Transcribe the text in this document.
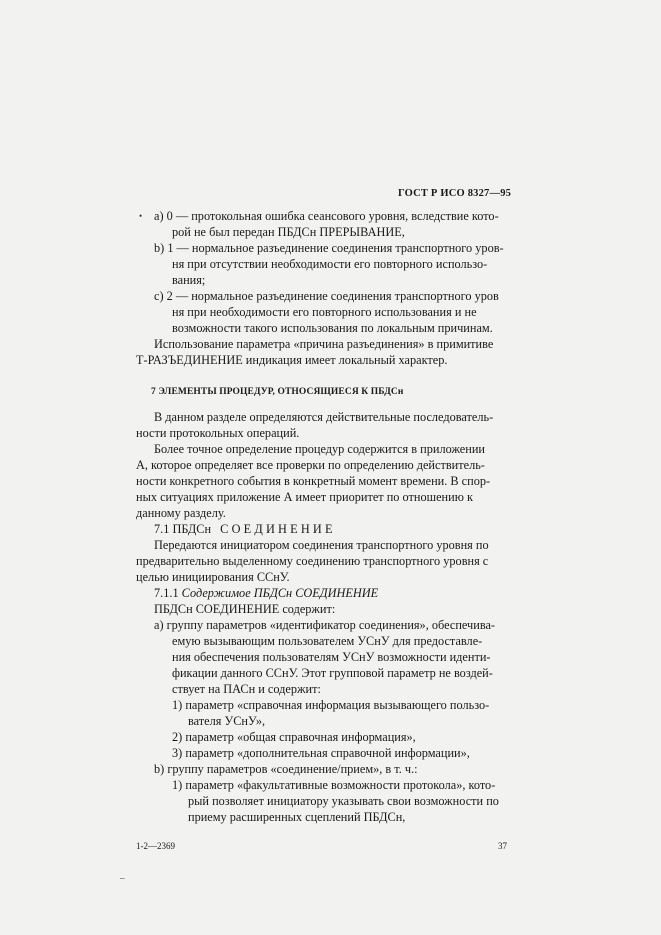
ГОСТ Р ИСО 8327—95
• а) 0 — протокольная ошибка сеансового уровня, вследствие кото-
рой не был передан ПБДСн ПРЕРЫВАНИЕ,
b) 1 — нормальное разъединение соединения транспортного уров-
ня при отсутствии необходимости его повторного использо-
вания;
с) 2 — нормальное разъединение соединения транспортного уров
ня при необходимости его повторного использования и не
возможности такого использования по локальным причинам.
Использование параметра «причина разъединения» в примитиве
Т-РАЗЪЕДИНЕНИЕ индикация имеет локальный характер.
7 ЭЛЕМЕНТЫ ПРОЦЕДУР, ОТНОСЯЩИЕСЯ К ПБДСн
В данном разделе определяются действительные последователь-
ности протокольных операций.
Более точное определение процедур содержится в приложении
А, которое определяет все проверки по определению действитель-
ности конкретного события в конкретный момент времени. В спор-
ных ситуациях приложение А имеет приоритет по отношению к
данному разделу.
7.1 ПБДСн СОЕДИНЕНИЕ
Передаются инициатором соединения транспортного уровня по
предварительно выделенному соединению транспортного уровня с
целью инициирования ССнУ.
7.1.1 Содержимое ПБДСн СОЕДИНЕНИЕ
ПБДСн СОЕДИНЕНИЕ содержит:
а) группу параметров «идентификатор соединения», обеспечива-
емую вызывающим пользователем УСнУ для предоставле-
ния обеспечения пользователям УСнУ возможности иденти-
фикации данного ССнУ. Этот групповой параметр не воздей-
ствует на ПАСн и содержит:
1) параметр «справочная информация вызывающего пользо-
вателя УСнУ»,
2) параметр «общая справочная информация»,
3) параметр «дополнительная справочной информации»,
b) группу параметров «соединение/прием», в т. ч.:
1) параметр «факультативные возможности протокола», кото-
рый позволяет инициатору указывать свои возможности по
приему расширенных сцеплений ПБДСн,
1-2—2369	37
–
